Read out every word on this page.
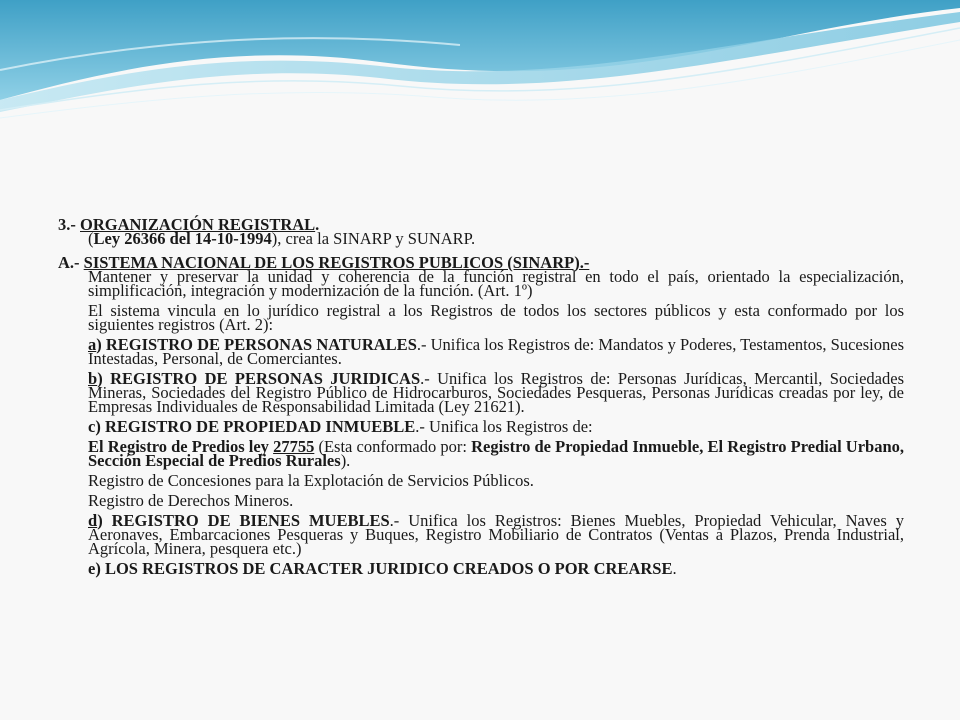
3.- ORGANIZACIÓN REGISTRAL.

(Ley 26366 del 14-10-1994), crea la SINARP y SUNARP.

A.- SISTEMA NACIONAL DE LOS REGISTROS PUBLICOS (SINARP).-

Mantener y preservar la unidad y coherencia de la función registral en todo el país, orientado la especialización, simplificación, integración y modernización de la función. (Art. 1º)

El sistema vincula en lo jurídico registral a los Registros de todos los sectores públicos y esta conformado por los siguientes registros (Art. 2):

a) REGISTRO DE PERSONAS NATURALES.- Unifica los Registros de: Mandatos y Poderes, Testamentos, Sucesiones Intestadas, Personal, de Comerciantes.

b) REGISTRO DE PERSONAS JURIDICAS.- Unifica los Registros de: Personas Jurídicas, Mercantil, Sociedades Mineras, Sociedades del Registro Público de Hidrocarburos, Sociedades Pesqueras, Personas Jurídicas creadas por ley, de Empresas Individuales de Responsabilidad Limitada (Ley 21621).

c) REGISTRO DE PROPIEDAD INMUEBLE.- Unifica los Registros de:

El Registro de Predios ley 27755 (Esta conformado por: Registro de Propiedad Inmueble, El Registro Predial Urbano, Sección Especial de Predios Rurales).

Registro de Concesiones para la Explotación de Servicios Públicos.

Registro de Derechos Mineros.

d) REGISTRO DE BIENES MUEBLES.- Unifica los Registros: Bienes Muebles, Propiedad Vehicular, Naves y Aeronaves, Embarcaciones Pesqueras y Buques, Registro Mobiliario de Contratos (Ventas a Plazos, Prenda Industrial, Agrícola, Minera, pesquera etc.)

e) LOS REGISTROS DE CARACTER JURIDICO CREADOS O POR CREARSE.
